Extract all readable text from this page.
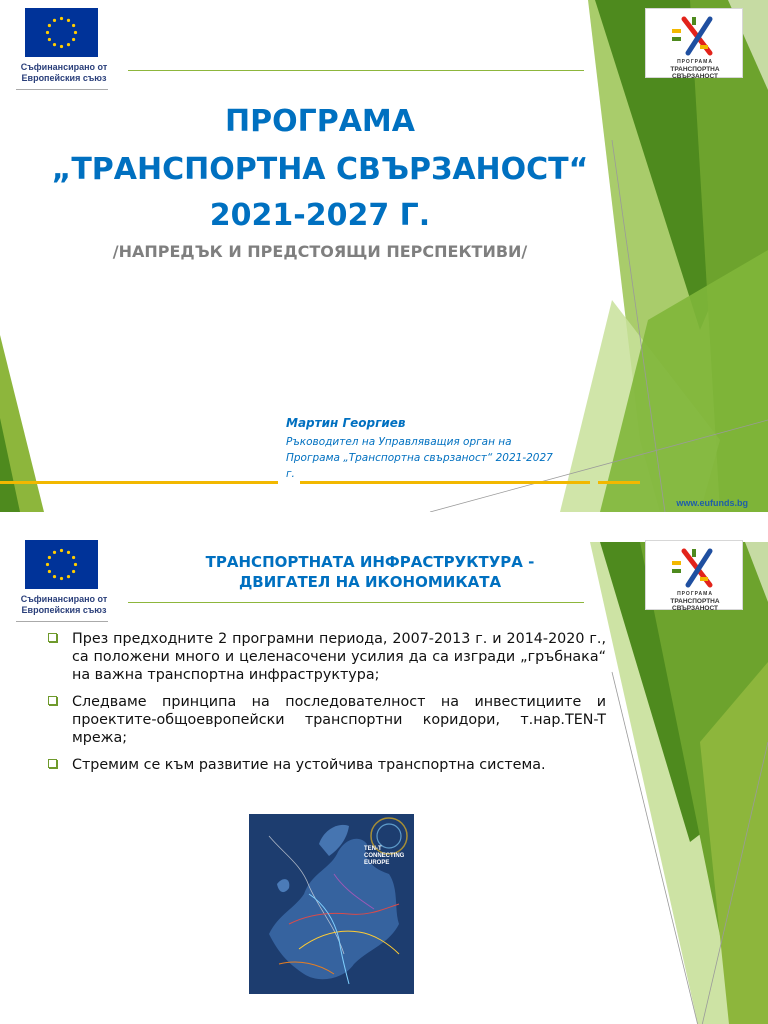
Съфинансирано от
Европейския съюз
ПРОГРАМА
ТРАНСПОРТНА СВЪРЗАНОСТ
ПРОГРАМА
„ТРАНСПОРТНА СВЪРЗАНОСТ“
2021-2027 Г.
/НАПРЕДЪК И ПРЕДСТОЯЩИ ПЕРСПЕКТИВИ/
Мартин Георгиев
Ръководител на Управляващия орган на
Програма „Транспортна свързаност“ 2021-2027
г.
www.eufunds.bg
Съфинансирано от
Европейския съюз
ПРОГРАМА
ТРАНСПОРТНА СВЪРЗАНОСТ
ТРАНСПОРТНАТА ИНФРАСТРУКТУРА -
ДВИГАТЕЛ НА ИКОНОМИКАТА
През предходните 2 програмни периода, 2007-2013 г. и 2014-2020 г., са положени много и целенасочени усилия да са изгради „гръбнака“ на важна транспортна инфраструктура;
Следваме принципа на последователност на инвестициите и проектите-общоевропейски транспортни коридори, т.нар.TEN-T мрежа;
Стремим се към развитие на устойчива транспортна система.
TEN-T
CONNECTING
EUROPE
